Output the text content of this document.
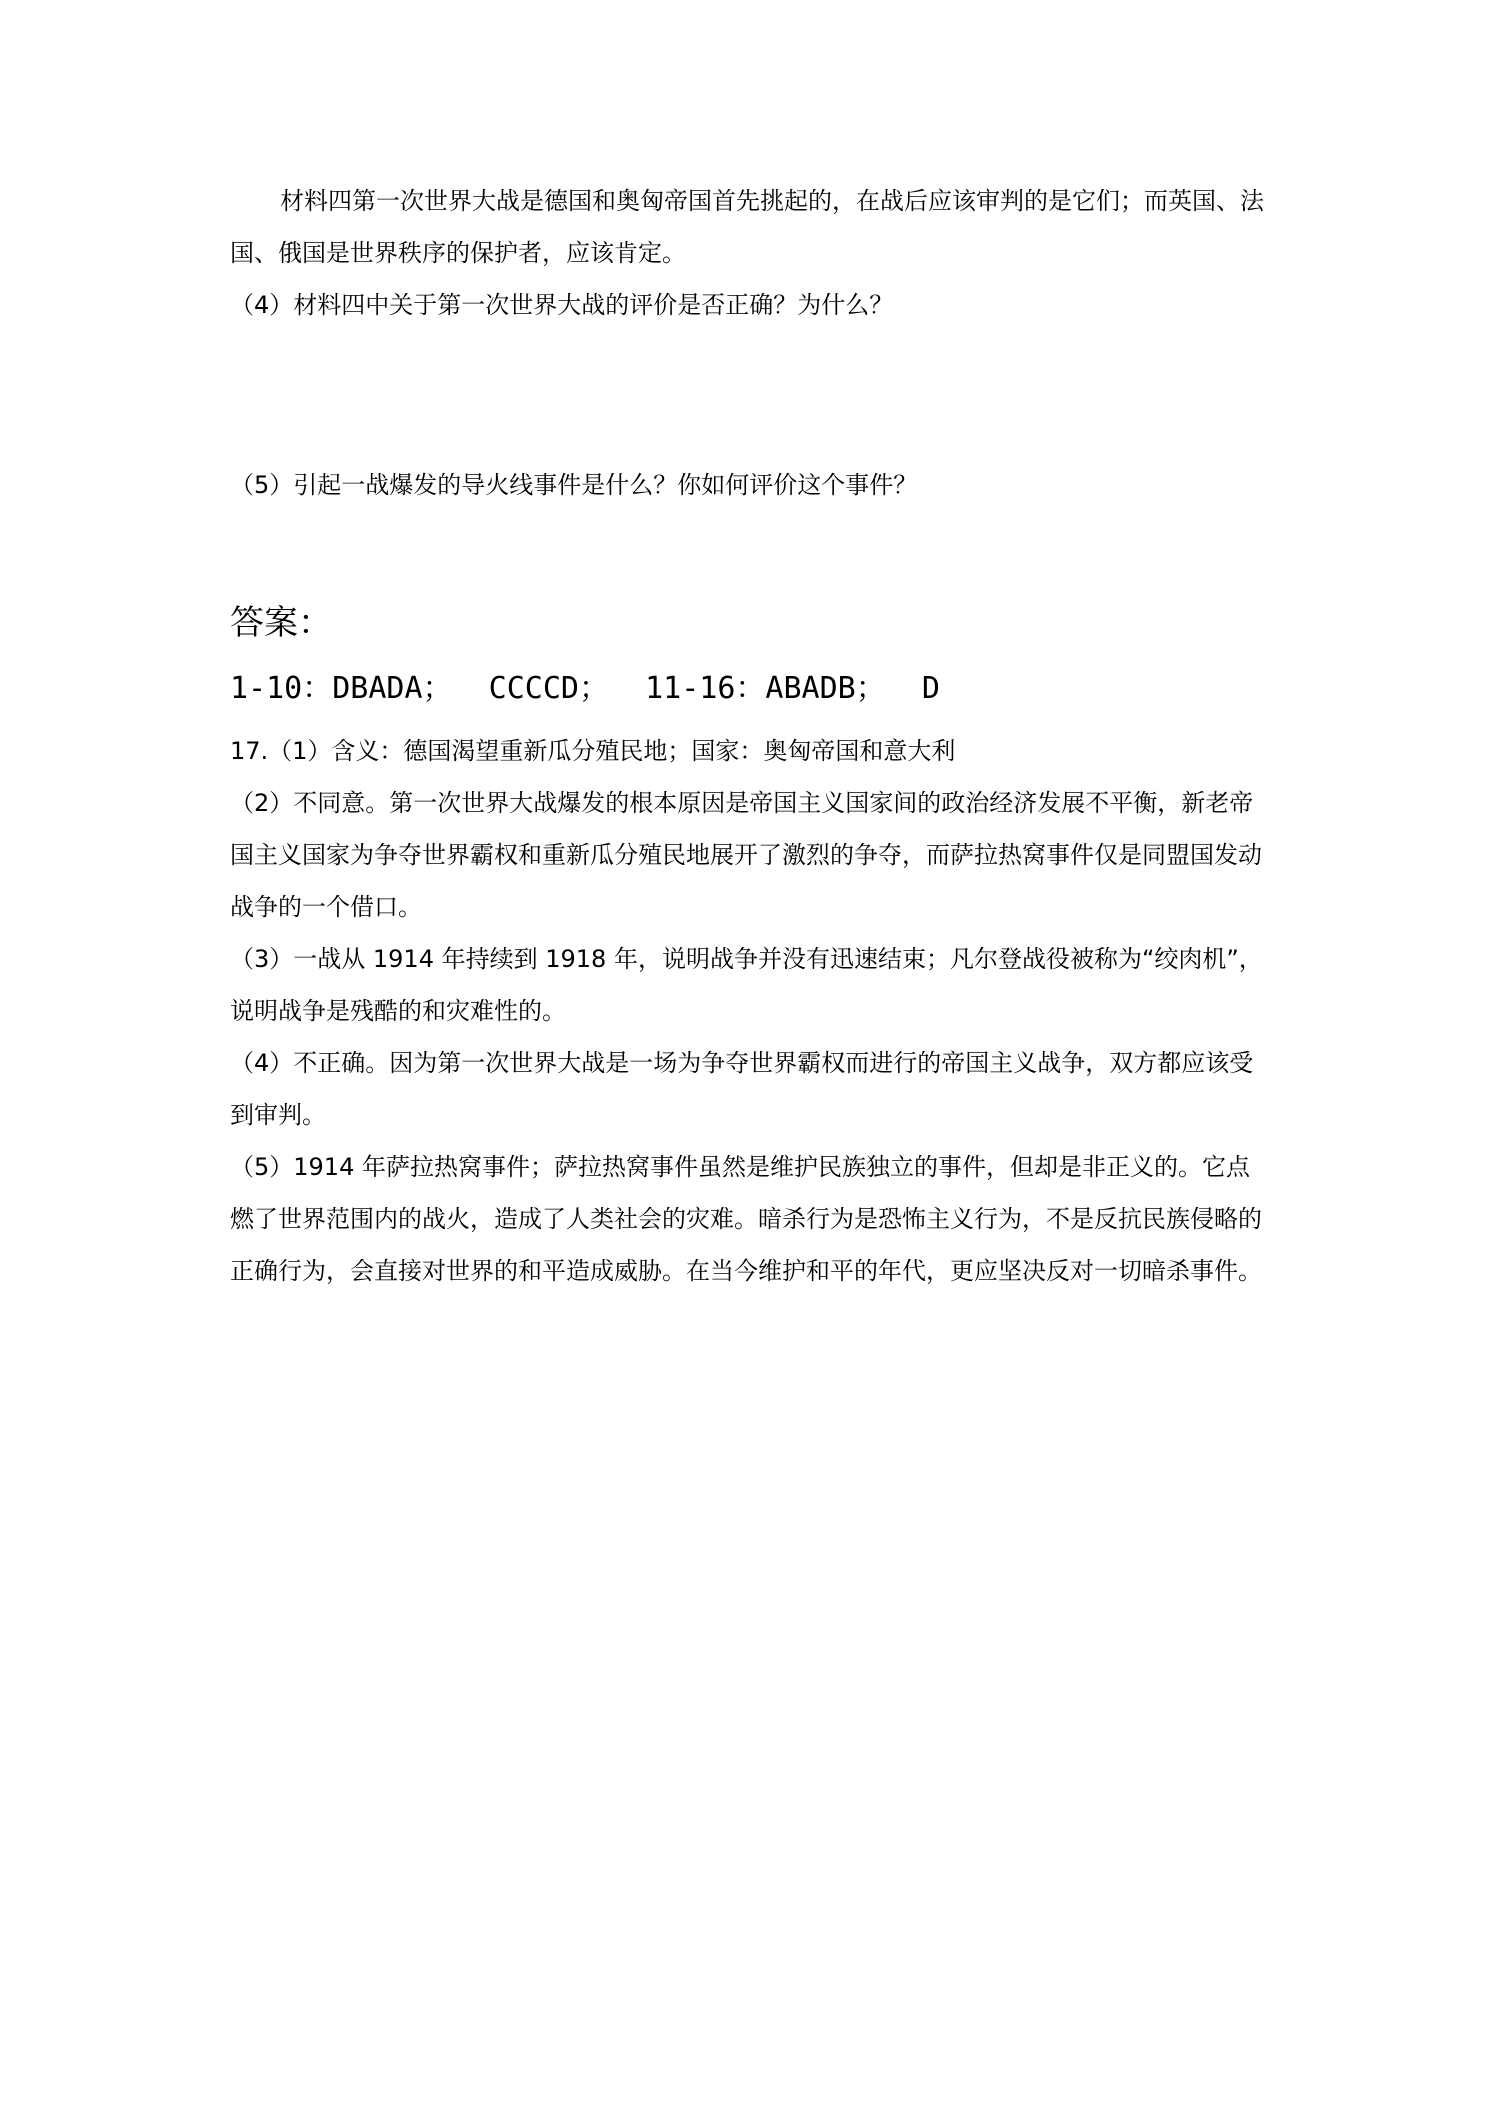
材料四第一次世界大战是德国和奥匈帝国首先挑起的，在战后应该审判的是它们；而英国、法国、俄国是世界秩序的保护者，应该肯定。

（4）材料四中关于第一次世界大战的评价是否正确？为什么？

（5）引起一战爆发的导火线事件是什么？你如何评价这个事件？

答案：

1-10：DBADA；  CCCCD；  11-16：ABADB；  D

17.（1）含义：德国渴望重新瓜分殖民地；国家：奥匈帝国和意大利

（2）不同意。第一次世界大战爆发的根本原因是帝国主义国家间的政治经济发展不平衡，新老帝国主义国家为争夺世界霸权和重新瓜分殖民地展开了激烈的争夺，而萨拉热窝事件仅是同盟国发动战争的一个借口。

（3）一战从 1914 年持续到 1918 年，说明战争并没有迅速结束；凡尔登战役被称为“绞肉机”，说明战争是残酷的和灾难性的。

（4）不正确。因为第一次世界大战是一场为争夺世界霸权而进行的帝国主义战争，双方都应该受到审判。

（5）1914 年萨拉热窝事件；萨拉热窝事件虽然是维护民族独立的事件，但却是非正义的。它点燃了世界范围内的战火，造成了人类社会的灾难。暗杀行为是恐怖主义行为，不是反抗民族侵略的正确行为，会直接对世界的和平造成威胁。在当今维护和平的年代，更应坚决反对一切暗杀事件。
